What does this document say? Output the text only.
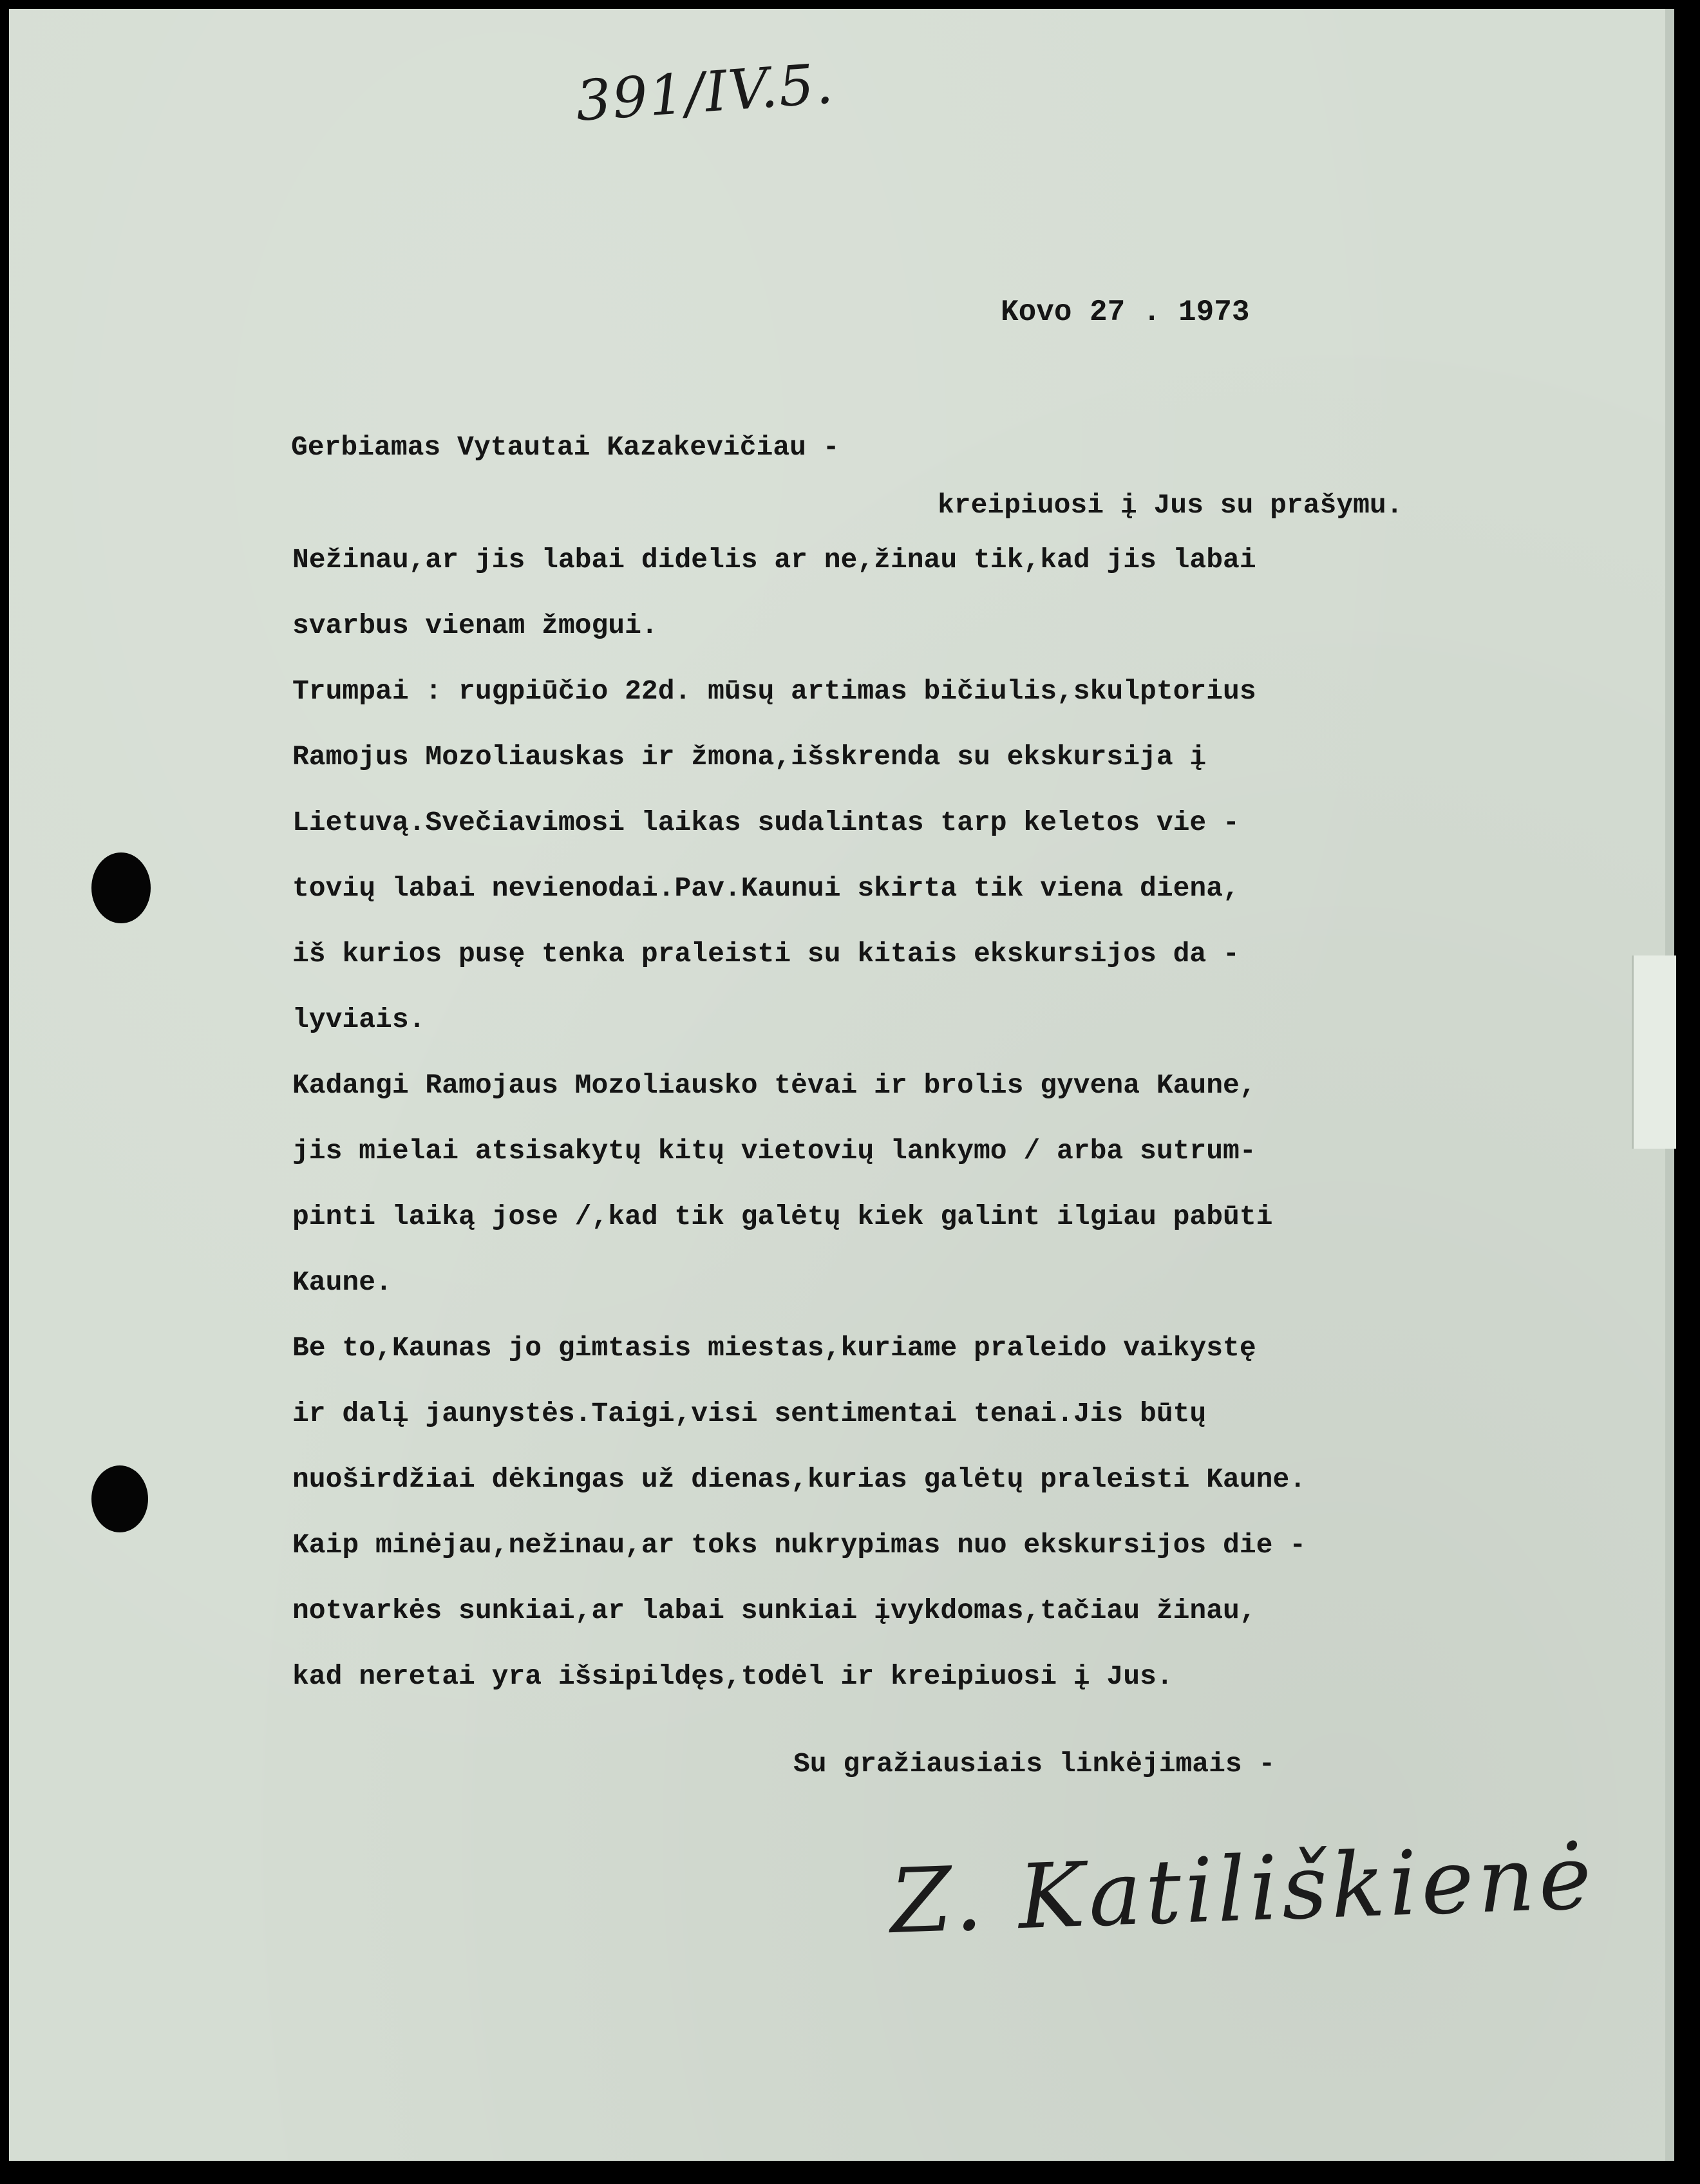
391/IV.5.
Kovo 27 . 1973
Gerbiamas Vytautai Kazakevičiau -
kreipiuosi į Jus su prašymu.
Nežinau,ar jis labai didelis ar ne,žinau tik,kad jis labai
svarbus vienam žmogui.
Trumpai : rugpiūčio 22d. mūsų artimas bičiulis,skulptorius
Ramojus Mozoliauskas ir žmona,išskrenda su ekskursija į
Lietuvą.Svečiavimosi laikas sudalintas tarp keletos vie -
tovių labai nevienodai.Pav.Kaunui skirta tik viena diena,
iš kurios pusę tenka praleisti su kitais ekskursijos da -
lyviais.
Kadangi Ramojaus Mozoliausko tėvai ir brolis gyvena Kaune,
jis mielai atsisakytų kitų vietovių lankymo / arba sutrum-
pinti laiką jose /,kad tik galėtų kiek galint ilgiau pabūti
Kaune.
Be to,Kaunas jo gimtasis miestas,kuriame praleido vaikystę
ir dalį jaunystės.Taigi,visi sentimentai tenai.Jis būtų
nuoširdžiai dėkingas už dienas,kurias galėtų praleisti Kaune.
Kaip minėjau,nežinau,ar toks nukrypimas nuo ekskursijos die -
notvarkės sunkiai,ar labai sunkiai įvykdomas,tačiau žinau,
kad neretai yra išsipildęs,todėl ir kreipiuosi į Jus.
Su gražiausiais linkėjimais -
Z. Katiliškienė
